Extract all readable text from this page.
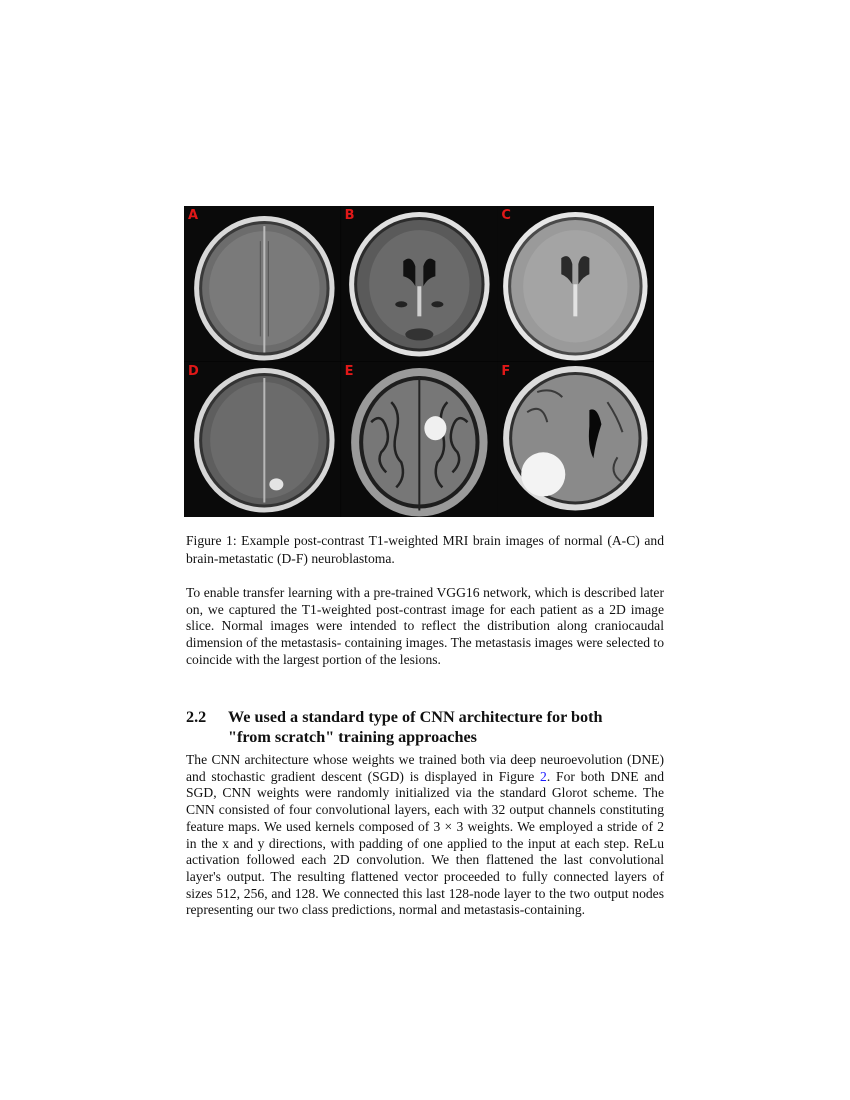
A	B	C
D	E	F
Figure 1: Example post-contrast T1-weighted MRI brain images of normal (A-C) and brain-metastatic (D-F) neuroblastoma.
To enable transfer learning with a pre-trained VGG16 network, which is described later on, we captured the T1-weighted post-contrast image for each patient as a 2D image slice. Normal images were intended to reflect the distribution along craniocaudal dimension of the metastasis- containing images. The metastasis images were selected to coincide with the largest portion of the lesions.
2.2 We used a standard type of CNN architecture for both
"from scratch" training approaches
The CNN architecture whose weights we trained both via deep neuroevolution (DNE) and stochastic gradient descent (SGD) is displayed in Figure 2. For both DNE and SGD, CNN weights were randomly initialized via the standard Glorot scheme. The CNN consisted of four convolutional layers, each with 32 output channels constituting feature maps. We used kernels composed of 3 × 3 weights. We employed a stride of 2 in the x and y directions, with padding of one applied to the input at each step. ReLu activation followed each 2D convolution. We then flattened the last convolutional layer's output. The resulting flattened vector proceeded to fully connected layers of sizes 512, 256, and 128. We connected this last 128-node layer to the two output nodes representing our two class predictions, normal and metastasis-containing.
